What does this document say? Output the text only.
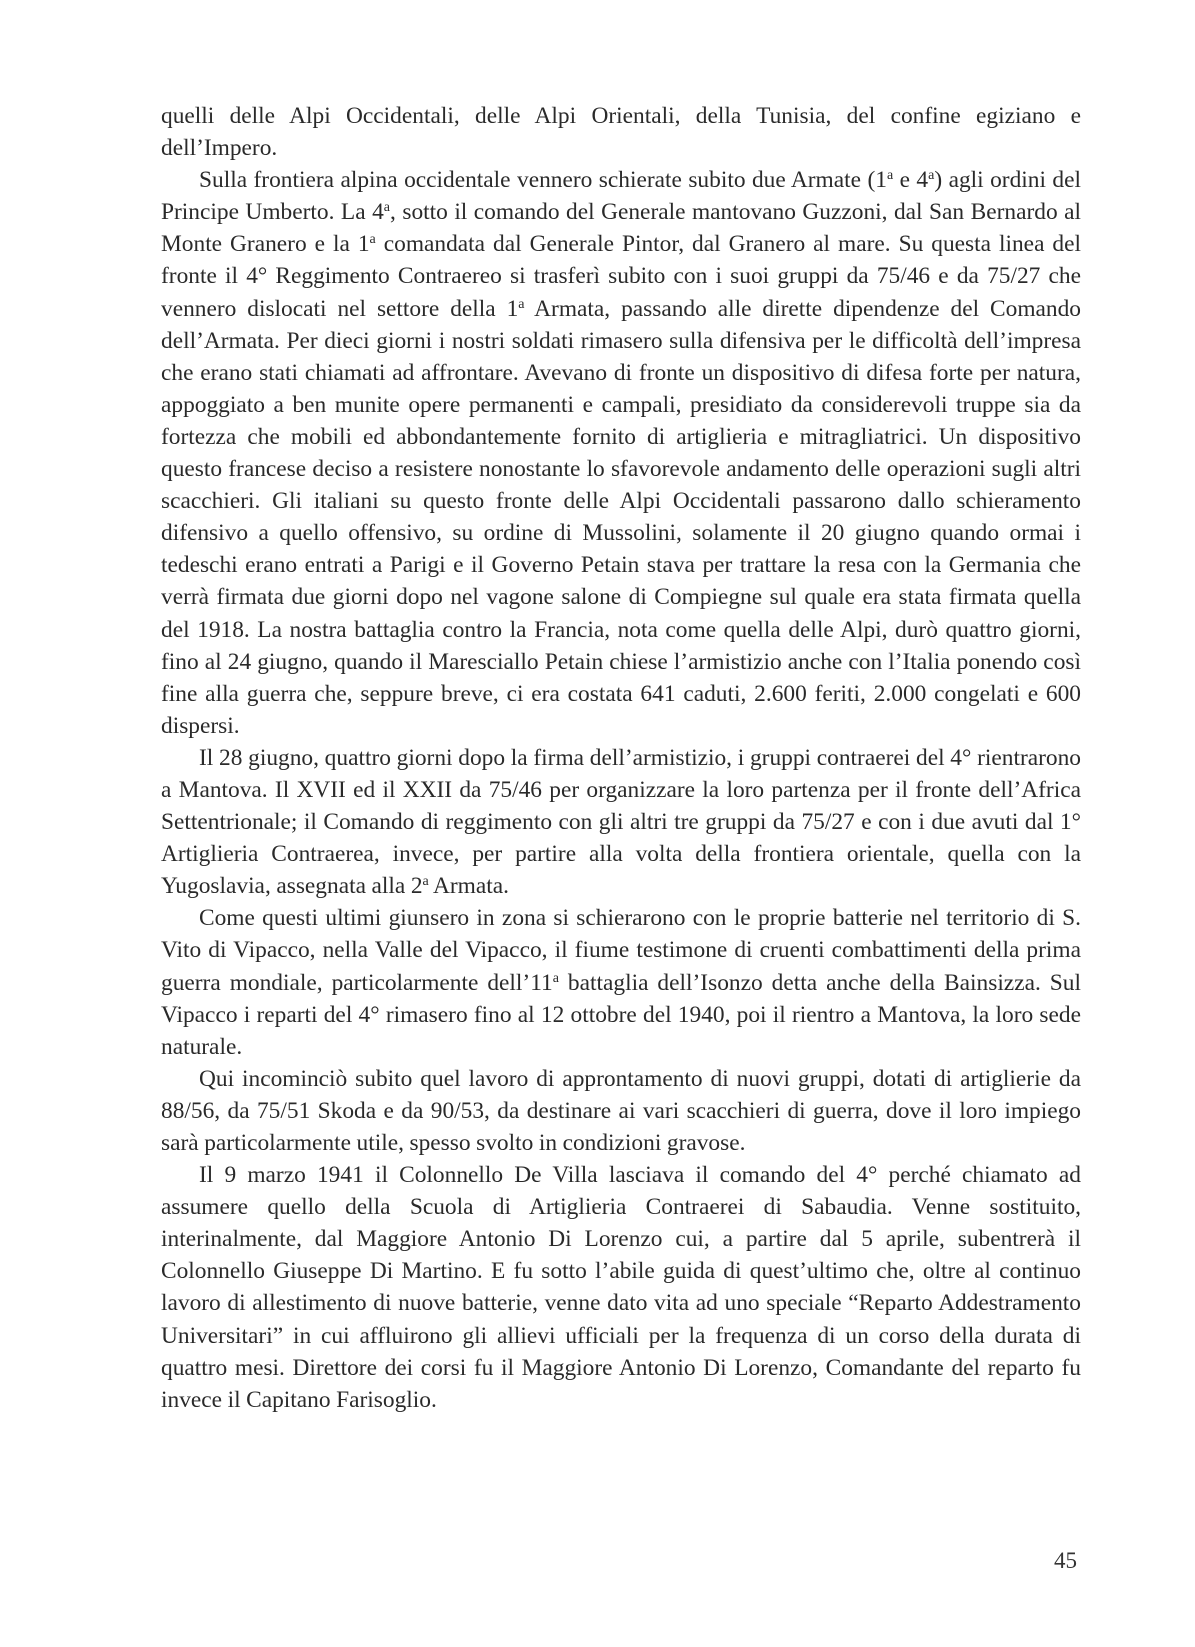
quelli delle Alpi Occidentali, delle Alpi Orientali, della Tunisia, del confine egiziano e dell’Impero.

Sulla frontiera alpina occidentale vennero schierate subito due Armate (1$^a$ e 4$^a$) agli ordini del Principe Umberto. La 4$^a$, sotto il comando del Generale mantovano Guzzoni, dal San Bernardo al Monte Granero e la 1$^a$ comandata dal Generale Pintor, dal Granero al mare. Su questa linea del fronte il 4° Reggimento Contraereo si trasferì subito con i suoi gruppi da 75/46 e da 75/27 che vennero dislocati nel settore della 1$^a$ Armata, passando alle dirette dipendenze del Comando dell’Armata. Per dieci giorni i nostri soldati rimasero sulla difensiva per le difficoltà dell’impresa che erano stati chiamati ad affrontare. Avevano di fronte un dispositivo di difesa forte per natura, appoggiato a ben munite opere permanenti e campali, presidiato da considerevoli truppe sia da fortezza che mobili ed abbondantemente fornito di artiglieria e mitragliatrici. Un dispositivo questo francese deciso a resistere nonostante lo sfavorevole andamento delle operazioni sugli altri scacchieri. Gli italiani su questo fronte delle Alpi Occidentali passarono dallo schieramento difensivo a quello offensivo, su ordine di Mussolini, solamente il 20 giugno quando ormai i tedeschi erano entrati a Parigi e il Governo Petain stava per trattare la resa con la Germania che verrà firmata due giorni dopo nel vagone salone di Compiegne sul quale era stata firmata quella del 1918. La nostra battaglia contro la Francia, nota come quella delle Alpi, durò quattro giorni, fino al 24 giugno, quando il Maresciallo Petain chiese l’armistizio anche con l’Italia ponendo così fine alla guerra che, seppure breve, ci era costata 641 caduti, 2.600 feriti, 2.000 congelati e 600 dispersi.

Il 28 giugno, quattro giorni dopo la firma dell’armistizio, i gruppi contraerei del 4° rientrarono a Mantova. Il XVII ed il XXII da 75/46 per organizzare la loro partenza per il fronte dell’Africa Settentrionale; il Comando di reggimento con gli altri tre gruppi da 75/27 e con i due avuti dal 1° Artiglieria Contraerea, invece, per partire alla volta della frontiera orientale, quella con la Yugoslavia, assegnata alla 2$^a$ Armata.

Come questi ultimi giunsero in zona si schierarono con le proprie batterie nel territorio di S. Vito di Vipacco, nella Valle del Vipacco, il fiume testimone di cruenti combattimenti della prima guerra mondiale, particolarmente dell’11$^a$ battaglia dell’Isonzo detta anche della Bainsizza. Sul Vipacco i reparti del 4° rimasero fino al 12 ottobre del 1940, poi il rientro a Mantova, la loro sede naturale.

Qui incominciò subito quel lavoro di approntamento di nuovi gruppi, dotati di artiglierie da 88/56, da 75/51 Skoda e da 90/53, da destinare ai vari scacchieri di guerra, dove il loro impiego sarà particolarmente utile, spesso svolto in condizioni gravose.

Il 9 marzo 1941 il Colonnello De Villa lasciava il comando del 4° perché chiamato ad assumere quello della Scuola di Artiglieria Contraerei di Sabaudia. Venne sostituito, interinalmente, dal Maggiore Antonio Di Lorenzo cui, a partire dal 5 aprile, subentrerà il Colonnello Giuseppe Di Martino. E fu sotto l’abile guida di quest’ultimo che, oltre al continuo lavoro di allestimento di nuove batterie, venne dato vita ad uno speciale “Reparto Addestramento Universitari” in cui affluirono gli allievi ufficiali per la frequenza di un corso della durata di quattro mesi. Direttore dei corsi fu il Maggiore Antonio Di Lorenzo, Comandante del reparto fu invece il Capitano Farisoglio.

45
